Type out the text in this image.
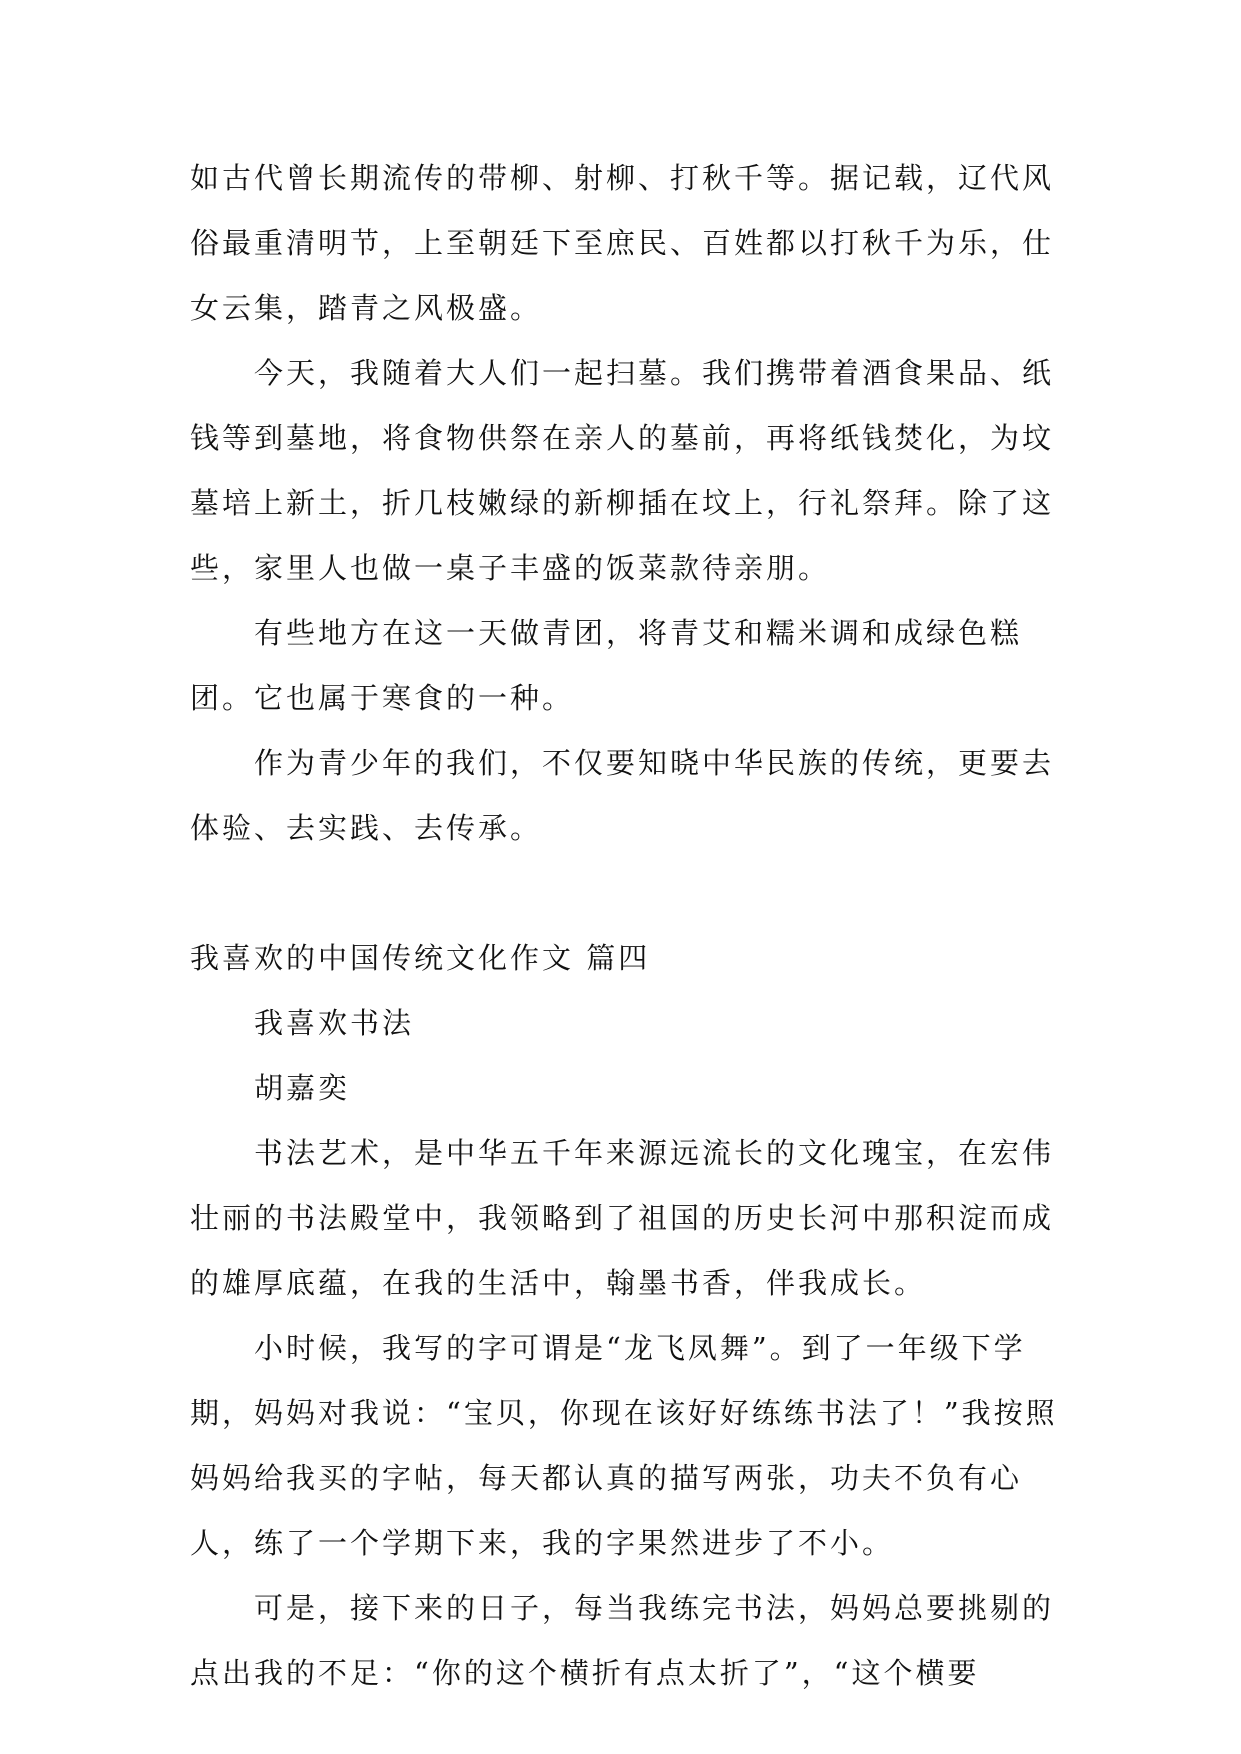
如古代曾长期流传的带柳、射柳、打秋千等。据记载，辽代风俗最重清明节，上至朝廷下至庶民、百姓都以打秋千为乐，仕女云集，踏青之风极盛。

今天，我随着大人们一起扫墓。我们携带着酒食果品、纸钱等到墓地，将食物供祭在亲人的墓前，再将纸钱焚化，为坟墓培上新土，折几枝嫩绿的新柳插在坟上，行礼祭拜。除了这些，家里人也做一桌子丰盛的饭菜款待亲朋。

有些地方在这一天做青团，将青艾和糯米调和成绿色糕团。它也属于寒食的一种。

作为青少年的我们，不仅要知晓中华民族的传统，更要去体验、去实践、去传承。

我喜欢的中国传统文化作文 篇四

我喜欢书法

胡嘉奕

书法艺术，是中华五千年来源远流长的文化瑰宝，在宏伟壮丽的书法殿堂中，我领略到了祖国的历史长河中那积淀而成的雄厚底蕴，在我的生活中，翰墨书香，伴我成长。

小时候，我写的字可谓是“龙飞凤舞”。到了一年级下学期，妈妈对我说：“宝贝，你现在该好好练练书法了！”我按照妈妈给我买的字帖，每天都认真的描写两张，功夫不负有心人，练了一个学期下来，我的字果然进步了不小。

可是，接下来的日子，每当我练完书法，妈妈总要挑剔的点出我的不足：“你的这个横折有点太折了”，“这个横要
